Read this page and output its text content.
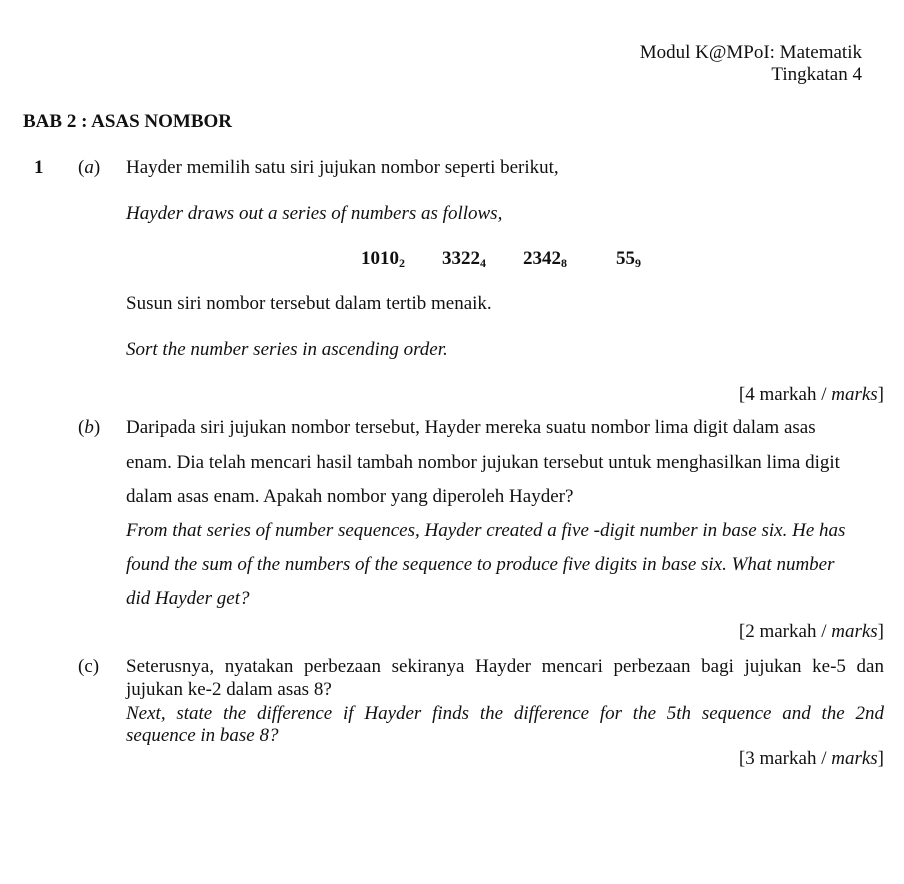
Modul K@MPoI: Matematik
Tingkatan 4
BAB 2 : ASAS NOMBOR
1 (a) Hayder memilih satu siri jujukan nombor seperti berikut,
Hayder draws out a series of numbers as follows,
$1010_2$ $3322_4$ $2342_8$	$55_9$
Susun siri nombor tersebut dalam tertib menaik.
Sort the number series in ascending order.
[4 markah / marks]
(b) Daripada siri jujukan nombor tersebut, Hayder mereka suatu nombor lima digit dalam asas
enam. Dia telah mencari hasil tambah nombor jujukan tersebut untuk menghasilkan lima digit
dalam asas enam. Apakah nombor yang diperoleh Hayder?
From that series of number sequences, Hayder created a five -digit number in base six. He has
found the sum of the numbers of the sequence to produce five digits in base six. What number
did Hayder get?
[2 markah / marks]
(c) Seterusnya, nyatakan perbezaan sekiranya Hayder mencari perbezaan bagi jujukan ke-5 dan
jujukan ke-2 dalam asas 8?
Next, state the difference if Hayder finds the difference for the 5th sequence and the 2nd
sequence in base 8?
[3 markah / marks]
